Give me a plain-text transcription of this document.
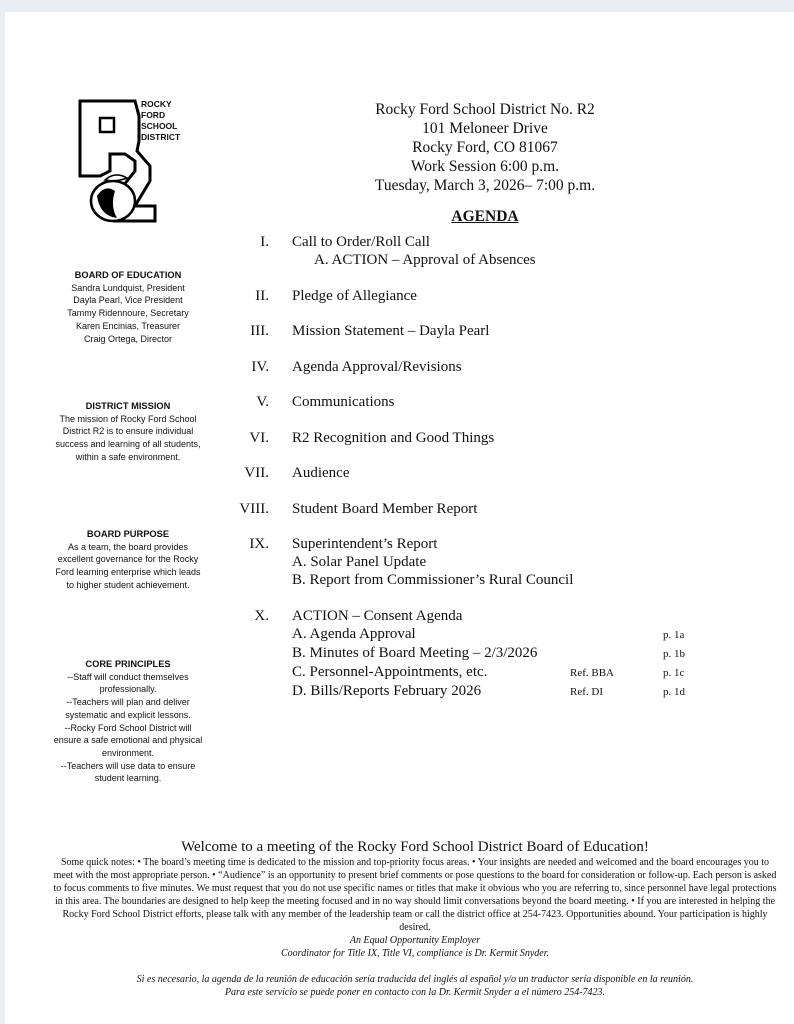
ROCKY
FORD
SCHOOL
DISTRICT
Rocky Ford School District No. R2
101 Meloneer Drive
Rocky Ford, CO 81067
Work Session 6:00 p.m.
Tuesday, March 3, 2026– 7:00 p.m.
AGENDA
BOARD OF EDUCATION
Sandra Lundquist, President
Dayla Pearl, Vice President
Tammy Ridennoure, Secretary
Karen Encinias, Treasurer
Craig Ortega, Director
DISTRICT MISSION
The mission of Rocky Ford School District R2 is to ensure individual success and learning of all students, within a safe environment.
BOARD PURPOSE
As a team, the board provides excellent governance for the Rocky Ford learning enterprise which leads to higher student achievement.
CORE PRINCIPLES
--Staff will conduct themselves professionally.
--Teachers will plan and deliver systematic and explicit lessons.
--Rocky Ford School District will ensure a safe emotional and physical environment.
--Teachers will use data to ensure student learning.
I. Call to Order/Roll Call
A. ACTION – Approval of Absences
II. Pledge of Allegiance
III. Mission Statement – Dayla Pearl
IV. Agenda Approval/Revisions
V. Communications
VI. R2 Recognition and Good Things
VII. Audience
VIII. Student Board Member Report
IX. Superintendent’s Report
A. Solar Panel Update
B. Report from Commissioner’s Rural Council
X. ACTION – Consent Agenda
A. Agenda Approval	p. 1a
B. Minutes of Board Meeting – 2/3/2026	p. 1b
C. Personnel-Appointments, etc.	Ref. BBA	p. 1c
D. Bills/Reports February 2026	Ref. DI	p. 1d
Welcome to a meeting of the Rocky Ford School District Board of Education!
Some quick notes: • The board’s meeting time is dedicated to the mission and top-priority focus areas. • Your insights are needed and welcomed and the board encourages you to meet with the most appropriate person. • “Audience” is an opportunity to present brief comments or pose questions to the board for consideration or follow-up. Each person is asked to focus comments to five minutes. We must request that you do not use specific names or titles that make it obvious who you are referring to, since personnel have legal protections in this area. The boundaries are designed to help keep the meeting focused and in no way should limit conversations beyond the board meeting. • If you are interested in helping the Rocky Ford School District efforts, please talk with any member of the leadership team or call the district office at 254-7423. Opportunities abound. Your participation is highly desired.
An Equal Opportunity Employer
Coordinator for Title IX, Title VI, compliance is Dr. Kermit Snyder.
Si es necesario, la agenda de la reunión de educación sería traducida del inglés al español y/o un traductor sería disponible en la reunión.
Para este servicio se puede poner en contacto con la Dr. Kermit Snyder a el número 254-7423.
